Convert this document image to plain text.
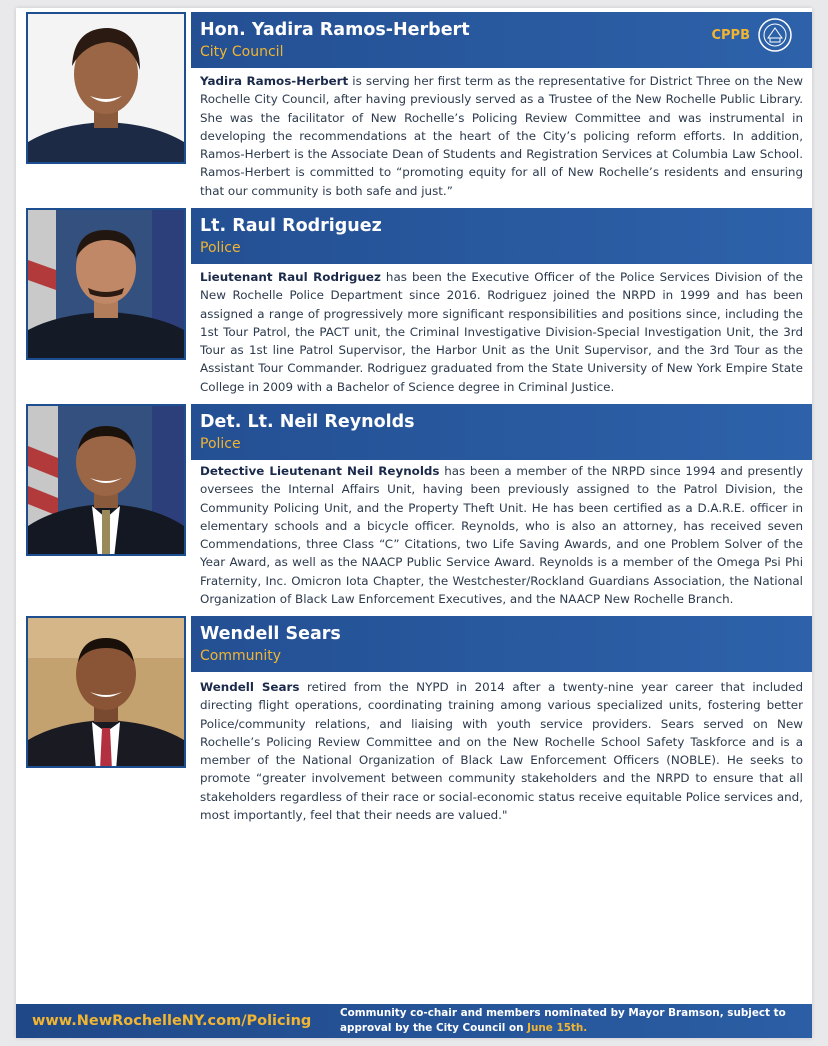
Hon. Yadira Ramos-Herbert
City Council
CPPB
Yadira Ramos-Herbert is serving her first term as the representative for District Three on the New Rochelle City Council, after having previously served as a Trustee of the New Rochelle Public Library. She was the facilitator of New Rochelle’s Policing Review Committee and was instrumental in developing the recommendations at the heart of the City’s policing reform efforts. In addition, Ramos-Herbert is the Associate Dean of Students and Registration Services at Columbia Law School. Ramos-Herbert is committed to “promoting equity for all of New Rochelle’s residents and ensuring that our community is both safe and just.”
Lt. Raul Rodriguez
Police
Lieutenant Raul Rodriguez has been the Executive Officer of the Police Services Division of the New Rochelle Police Department since 2016. Rodriguez joined the NRPD in 1999 and has been assigned a range of progressively more significant responsibilities and positions since, including the 1st Tour Patrol, the PACT unit, the Criminal Investigative Division-Special Investigation Unit, the 3rd Tour as 1st line Patrol Supervisor, the Harbor Unit as the Unit Supervisor, and the 3rd Tour as the Assistant Tour Commander. Rodriguez graduated from the State University of New York Empire State College in 2009 with a Bachelor of Science degree in Criminal Justice.
Det. Lt. Neil Reynolds
Police
Detective Lieutenant Neil Reynolds has been a member of the NRPD since 1994 and presently oversees the Internal Affairs Unit, having been previously assigned to the Patrol Division, the Community Policing Unit, and the Property Theft Unit. He has been certified as a D.A.R.E. officer in elementary schools and a bicycle officer. Reynolds, who is also an attorney, has received seven Commendations, three Class “C” Citations, two Life Saving Awards, and one Problem Solver of the Year Award, as well as the NAACP Public Service Award. Reynolds is a member of the Omega Psi Phi Fraternity, Inc. Omicron Iota Chapter, the Westchester/Rockland Guardians Association, the National Organization of Black Law Enforcement Executives, and the NAACP New Rochelle Branch.
Wendell Sears
Community
Wendell Sears retired from the NYPD in 2014 after a twenty-nine year career that included directing flight operations, coordinating training among various specialized units, fostering better Police/community relations, and liaising with youth service providers. Sears served on New Rochelle’s Policing Review Committee and on the New Rochelle School Safety Taskforce and is a member of the National Organization of Black Law Enforcement Officers (NOBLE). He seeks to promote “greater involvement between community stakeholders and the NRPD to ensure that all stakeholders regardless of their race or social-economic status receive equitable Police services and, most importantly, feel that their needs are valued."
www.NewRochelleNY.com/Policing	Community co-chair and members nominated by Mayor Bramson, subject to approval by the City Council on June 15th.
